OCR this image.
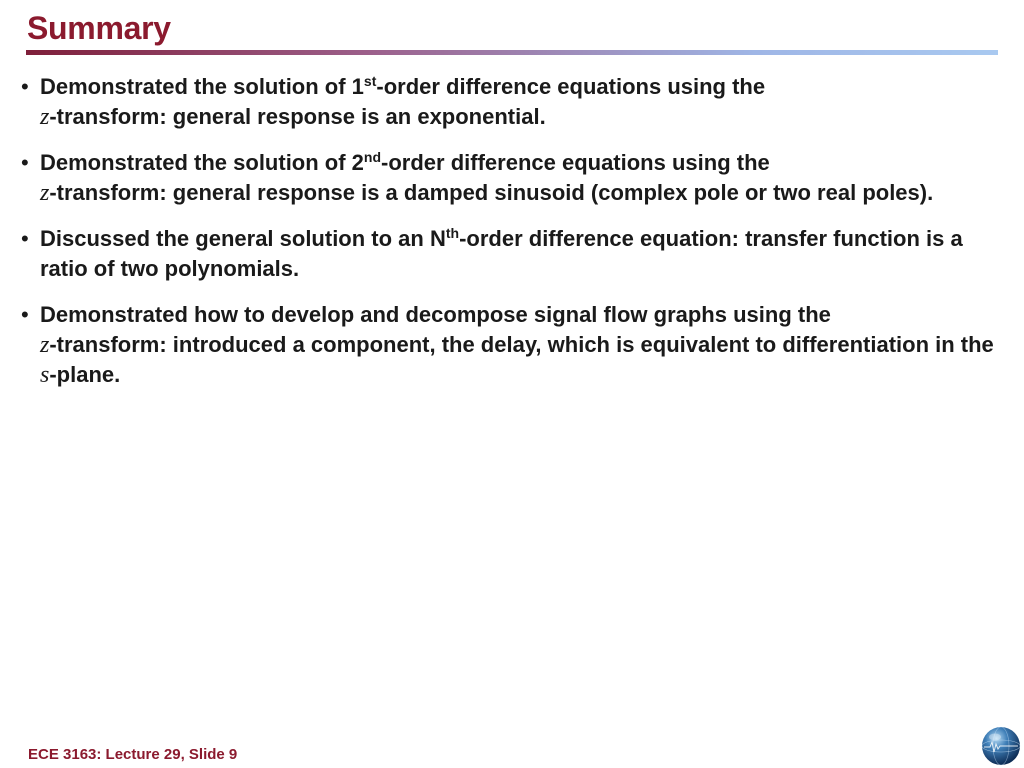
Summary
• Demonstrated the solution of 1st-order difference equations using the
z-transform: general response is an exponential.
• Demonstrated the solution of 2nd-order difference equations using the
z-transform: general response is a damped sinusoid (complex pole or two real poles).
• Discussed the general solution to an $N^{th}$-order difference equation: transfer function is a ratio of two polynomials.
• Demonstrated how to develop and decompose signal flow graphs using the
z-transform: introduced a component, the delay, which is equivalent to differentiation in the s-plane.
ECE 3163: Lecture 29, Slide 9
